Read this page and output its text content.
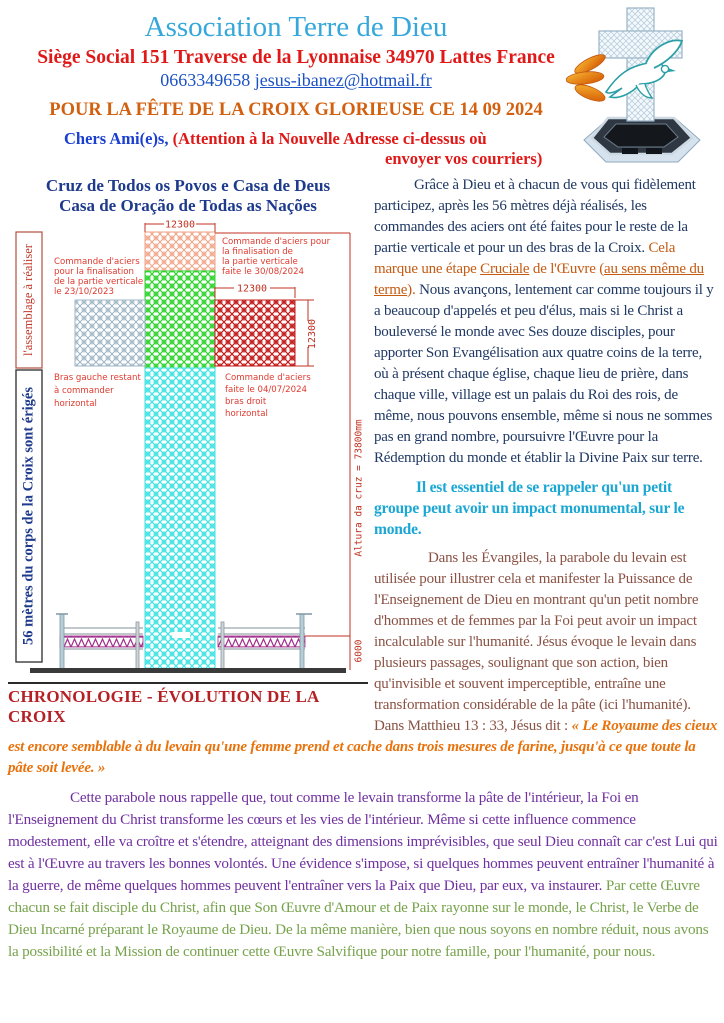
Association Terre de Dieu
Siège Social 151 Traverse de la Lyonnaise 34970 Lattes France
0663349658 jesus-ibanez@hotmail.fr
POUR LA FÊTE DE LA CROIX GLORIEUSE CE 14 09 2024
Chers Ami(e)s, (Attention à la Nouvelle Adresse ci-dessus où
envoyer vos courriers)
Cruz de Todos os Povos e Casa de Deus
Casa de Oração de Todas as Nações
l'assemblage à réaliser
56 mètres du corps de la Croix sont érigés
12300
12300
12300
Altura da cruz = 73800mm
6000
Commande d'aciers
pour la finalisation
de la partie verticale
le 23/10/2023
Commande d'aciers pour
la finalisation de
la partie verticale
faite le 30/08/2024
Bras gauche restant
à commander
horizontal
Commande d'aciers
faite le 04/07/2024
bras droit
horizontal
CHRONOLOGIE - ÉVOLUTION DE LA CROIX

Grâce à Dieu et à chacun de vous qui fidèlement participez, après les 56 mètres déjà réalisés, les commandes des aciers ont été faites pour le reste de la partie verticale et pour un des bras de la Croix. Cela marque une étape Cruciale de l'Œuvre (au sens même du terme). Nous avançons, lentement car comme toujours il y a beaucoup d'appelés et peu d'élus, mais si le Christ a bouleversé le monde avec Ses douze disciples, pour apporter Son Evangélisation aux quatre coins de la terre, où à présent chaque église, chaque lieu de prière, dans chaque ville, village est un palais du Roi des rois, de même, nous pouvons ensemble, même si nous ne sommes pas en grand nombre, poursuivre l'Œuvre pour la Rédemption du monde et établir la Divine Paix sur terre.

Il est essentiel de se rappeler qu'un petit groupe peut avoir un impact monumental, sur le monde.

Dans les Évangiles, la parabole du levain est utilisée pour illustrer cela et manifester la Puissance de l'Enseignement de Dieu en montrant qu'un petit nombre d'hommes et de femmes par la Foi peut avoir un impact incalculable sur l'humanité. Jésus évoque le levain dans plusieurs passages, soulignant que son action, bien qu'invisible et souvent imperceptible, entraîne une transformation considérable de la pâte (ici l'humanité). Dans Matthieu 13 : 33, Jésus dit : « Le Royaume des cieux est encore semblable à du levain qu'une femme prend et cache dans trois mesures de farine, jusqu'à ce que toute la pâte soit levée. »

Cette parabole nous rappelle que, tout comme le levain transforme la pâte de l'intérieur, la Foi en l'Enseignement du Christ transforme les cœurs et les vies de l'intérieur. Même si cette influence commence modestement, elle va croître et s'étendre, atteignant des dimensions imprévisibles, que seul Dieu connaît car c'est Lui qui est à l'Œuvre au travers les bonnes volontés. Une évidence s'impose, si quelques hommes peuvent entraîner l'humanité à la guerre, de même quelques hommes peuvent l'entraîner vers la Paix que Dieu, par eux, va instaurer. Par cette Œuvre chacun se fait disciple du Christ, afin que Son Œuvre d'Amour et de Paix rayonne sur le monde, le Christ, le Verbe de Dieu Incarné préparant le Royaume de Dieu. De la même manière, bien que nous soyons en nombre réduit, nous avons la possibilité et la Mission de continuer cette Œuvre Salvifique pour notre famille, pour l'humanité, pour nous.
